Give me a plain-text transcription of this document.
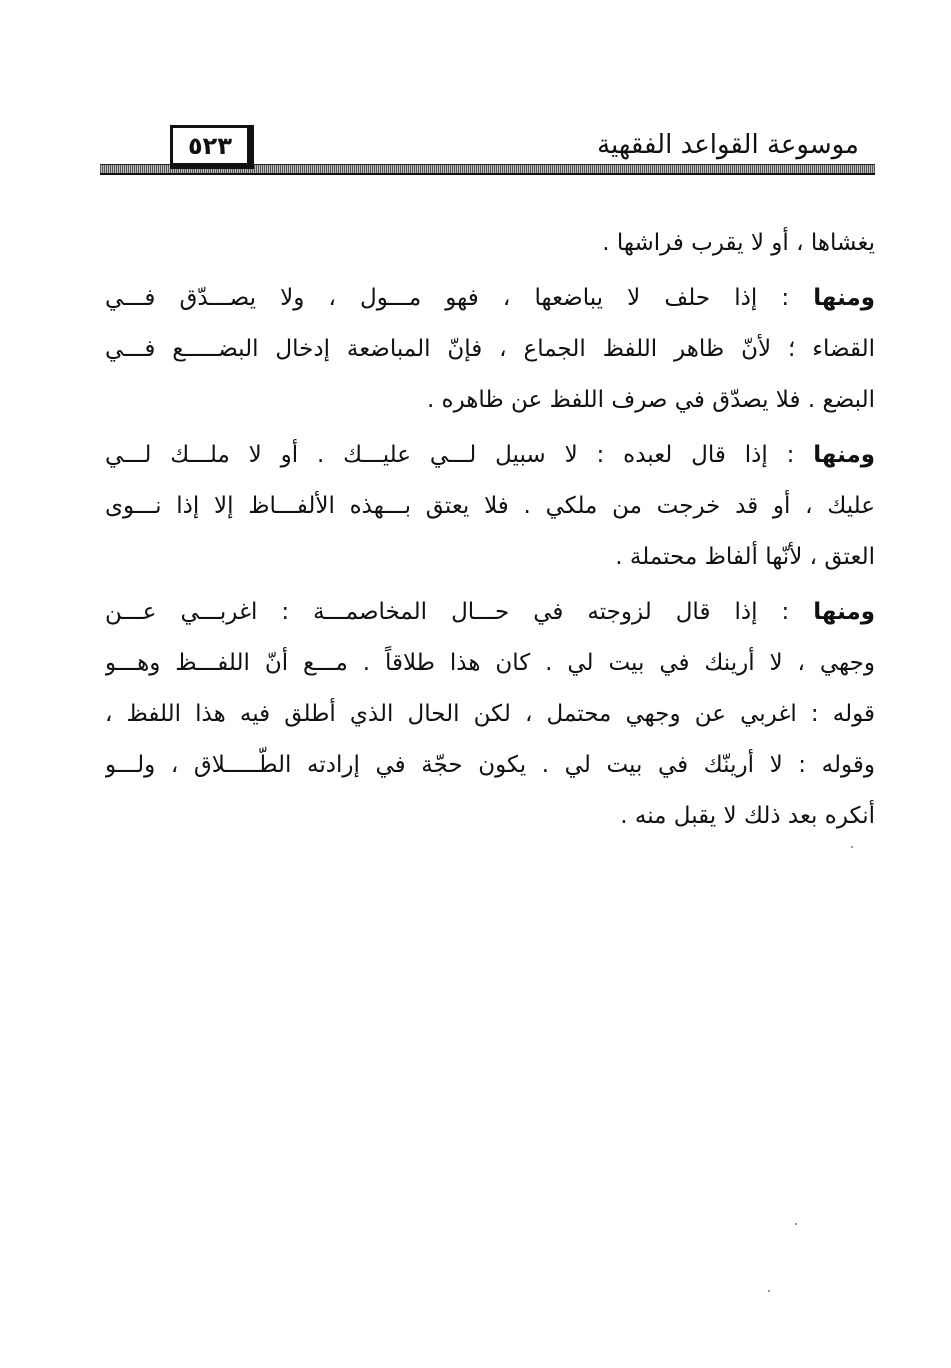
موسوعة القواعد الفقهية
٥٢٣
يغشاها ، أو لا يقرب فراشها .
ومنها : إذا حلف لا يباضعها ، فهو مـــول ، ولا يصـــدّق فـــي
القضاء ؛ لأنّ ظاهر اللفظ الجماع ، فإنّ المباضعة إدخال البضـــــع فـــي
البضع . فلا يصدّق في صرف اللفظ عن ظاهره .
ومنها : إذا قال لعبده : لا سبيل لـــي عليـــك . أو لا ملـــك لـــي
عليك ، أو قد خرجت من ملكي . فلا يعتق بـــهذه الألفـــاظ إلا إذا نـــوى
العتق ، لأنّها ألفاظ محتملة .
ومنها : إذا قال لزوجته في حـــال المخاصمـــة : اغربـــي عـــن
وجهي ، لا أرينك في بيت لي . كان هذا طلاقاً . مـــع أنّ اللفـــظ وهـــو
قوله : اغربي عن وجهي محتمل ، لكن الحال الذي أطلق فيه هذا اللفظ ،
وقوله : لا أرينّك في بيت لي . يكون حجّة في إرادته الطّـــــلاق ، ولـــو
أنكره بعد ذلك لا يقبل منه .
